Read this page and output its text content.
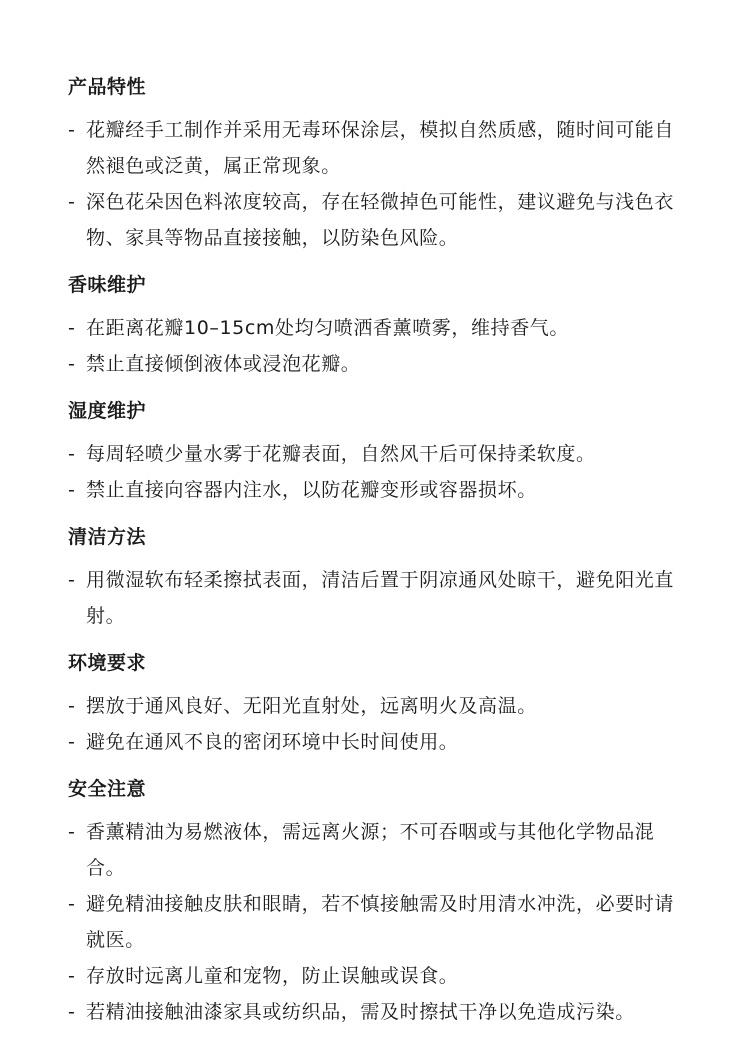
产品特性
- 花瓣经手工制作并采用无毒环保涂层，模拟自然质感，随时间可能自然褪色或泛黄，属正常现象。
- 深色花朵因色料浓度较高，存在轻微掉色可能性，建议避免与浅色衣物、家具等物品直接接触，以防染色风险。
香味维护
- 在距离花瓣10–15cm处均匀喷洒香薰喷雾，维持香气。
- 禁止直接倾倒液体或浸泡花瓣。
湿度维护
- 每周轻喷少量水雾于花瓣表面，自然风干后可保持柔软度。
- 禁止直接向容器内注水，以防花瓣变形或容器损坏。
清洁方法
- 用微湿软布轻柔擦拭表面，清洁后置于阴凉通风处晾干，避免阳光直射。
环境要求
- 摆放于通风良好、无阳光直射处，远离明火及高温。
- 避免在通风不良的密闭环境中长时间使用。
安全注意
- 香薰精油为易燃液体，需远离火源；不可吞咽或与其他化学物品混合。
- 避免精油接触皮肤和眼睛，若不慎接触需及时用清水冲洗，必要时请就医。
- 存放时远离儿童和宠物，防止误触或误食。
- 若精油接触油漆家具或纺织品，需及时擦拭干净以免造成污染。
